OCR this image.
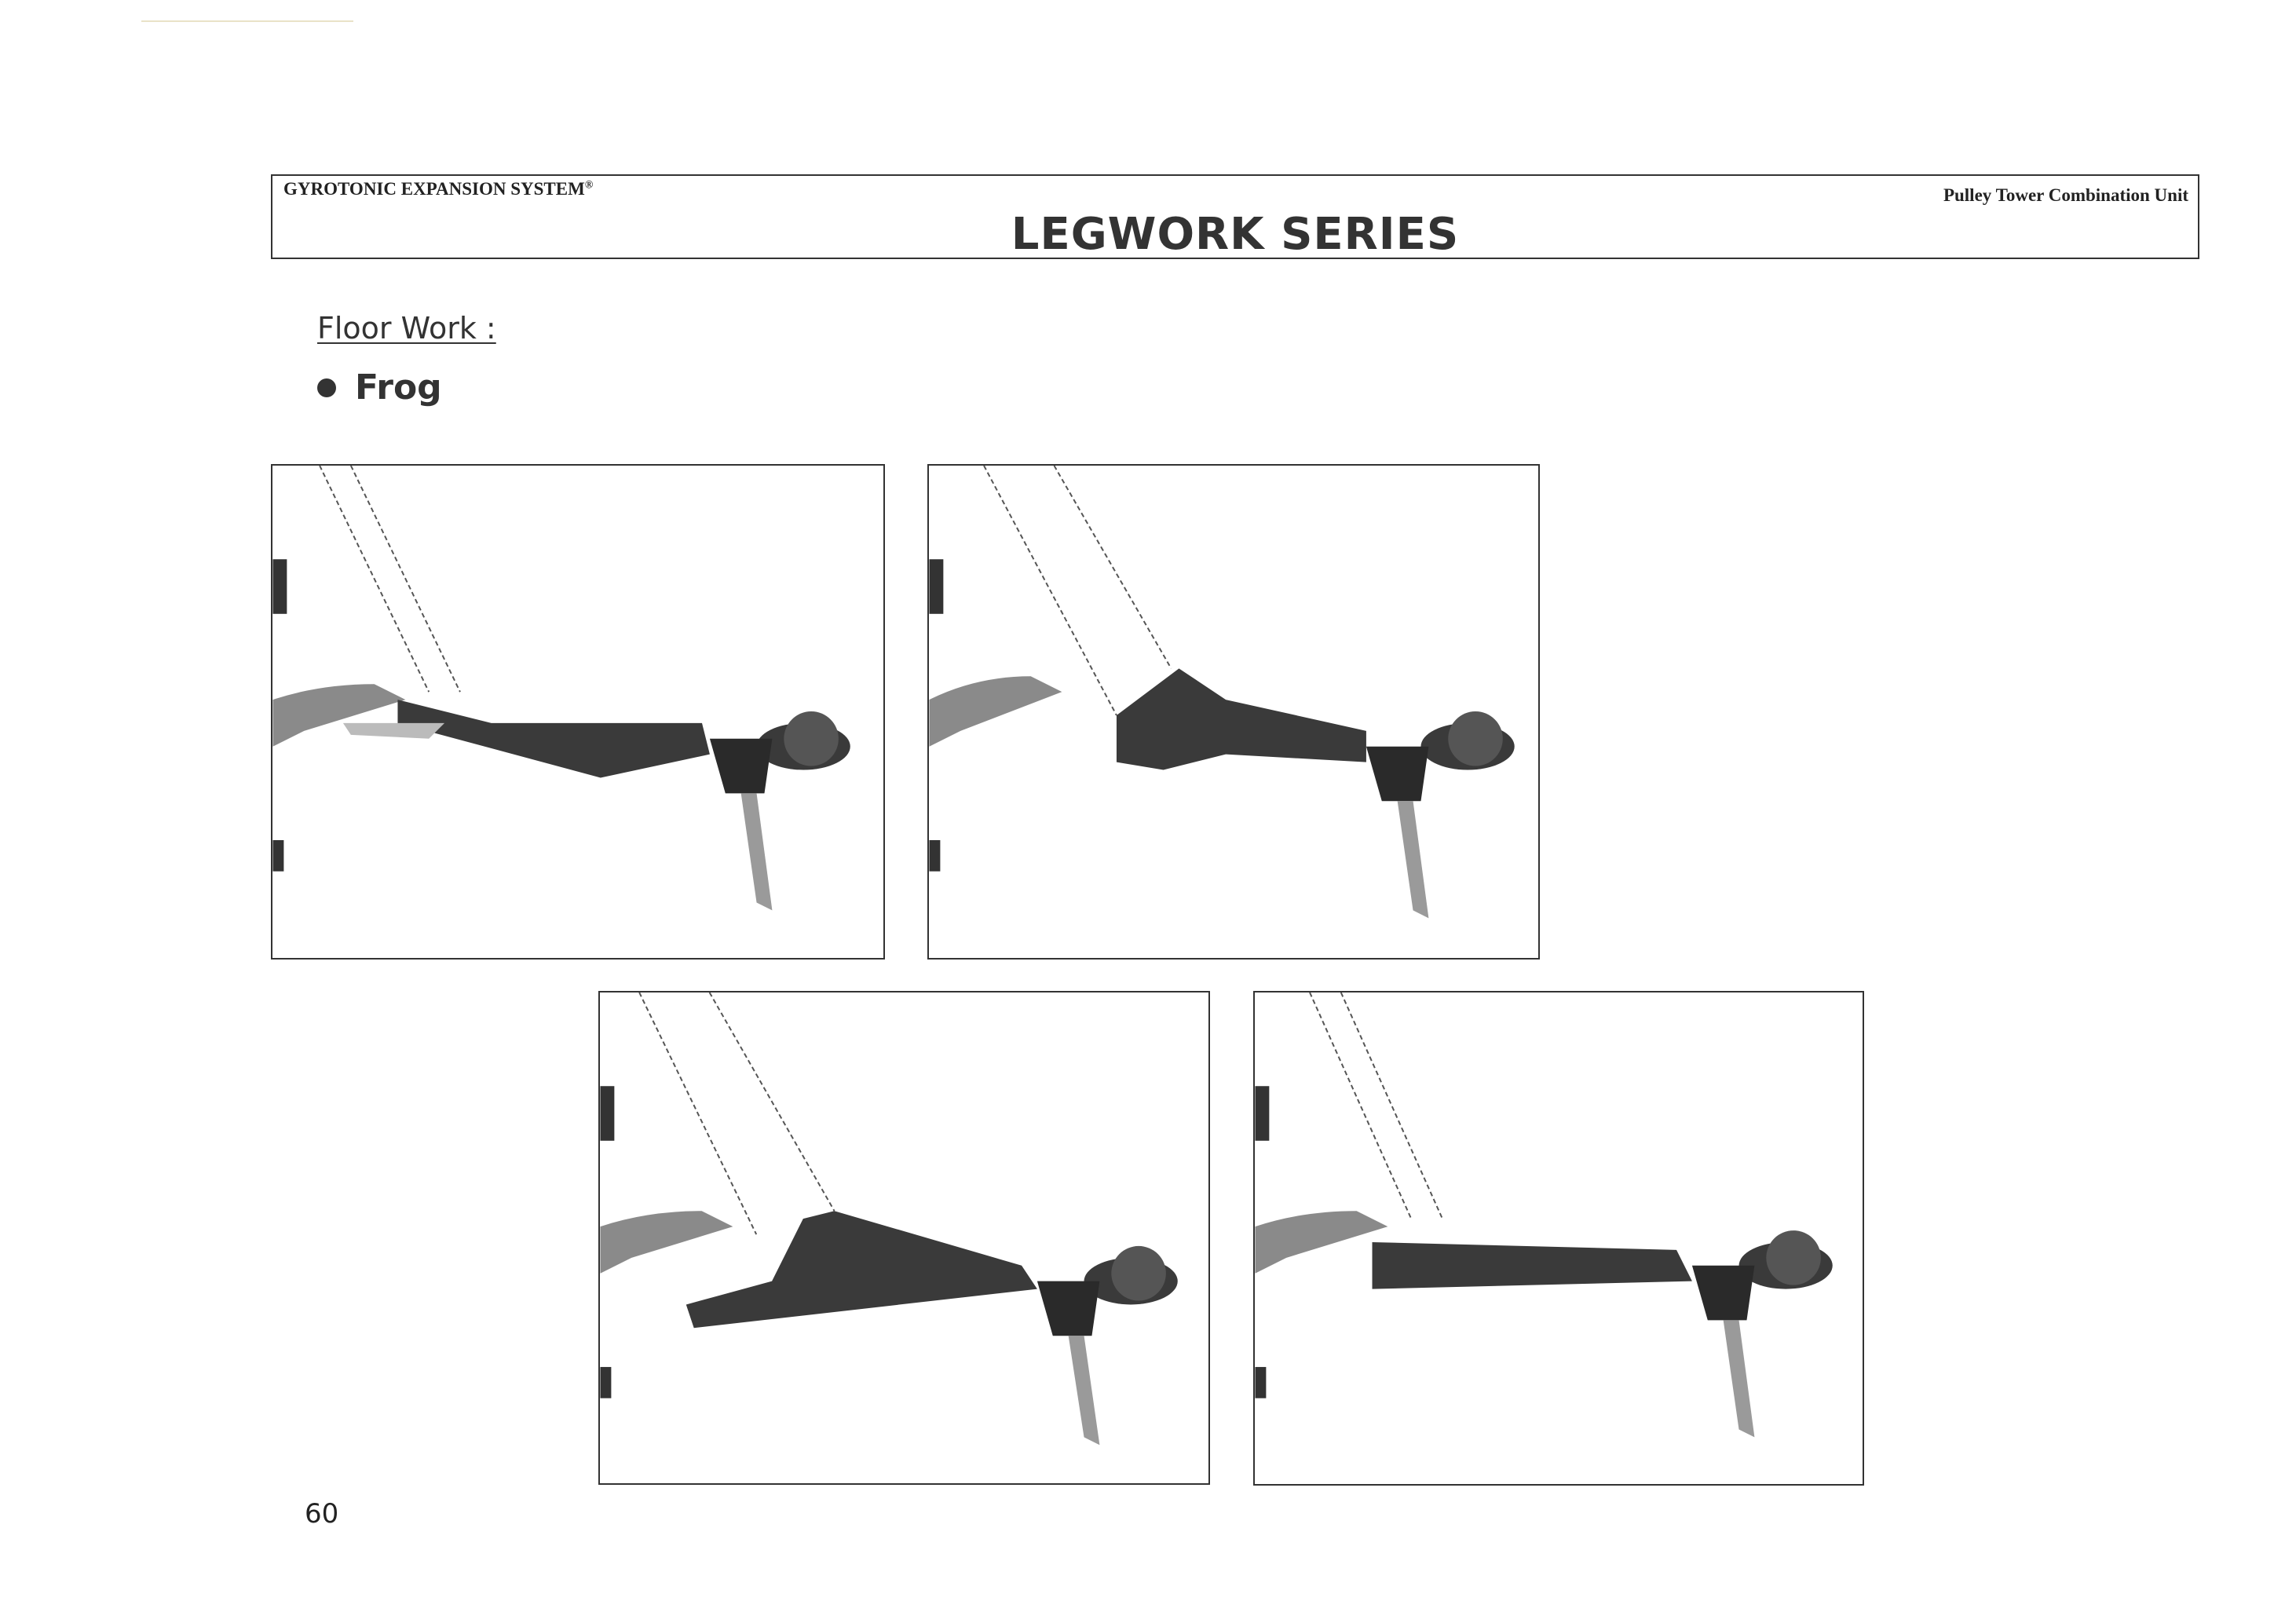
GYROTONIC EXPANSION SYSTEM®
Pulley Tower Combination Unit
LEGWORK SERIES
Floor Work :
Frog
60
